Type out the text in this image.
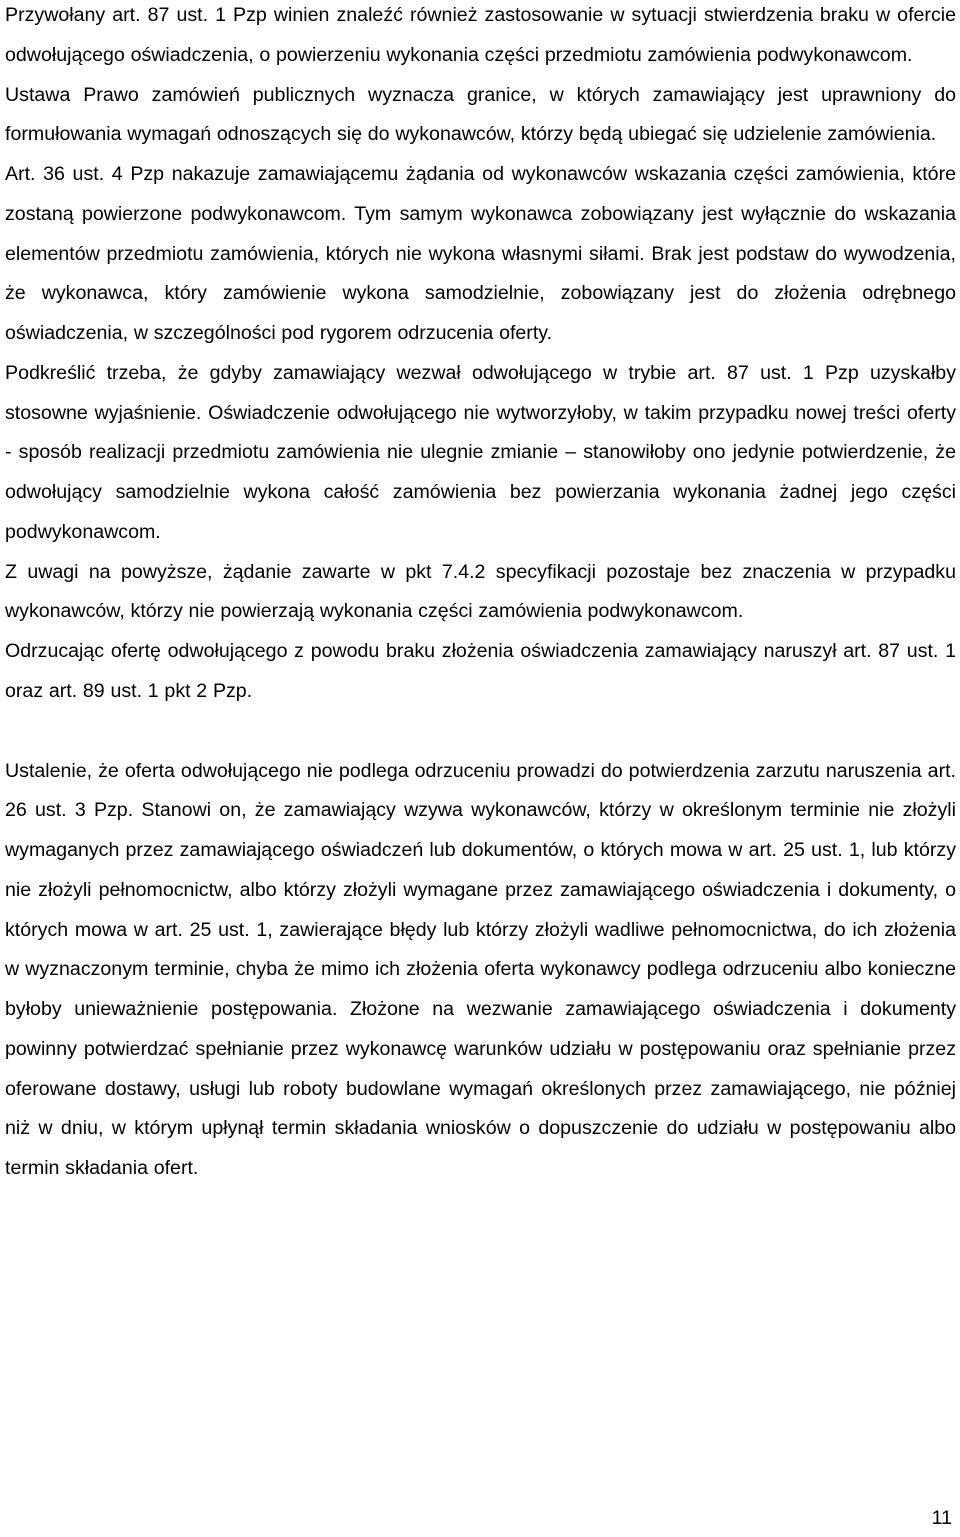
Przywołany art. 87 ust. 1 Pzp winien znaleźć również zastosowanie w sytuacji stwierdzenia braku w ofercie odwołującego oświadczenia, o powierzeniu wykonania części przedmiotu zamówienia podwykonawcom.

Ustawa Prawo zamówień publicznych wyznacza granice, w których zamawiający jest uprawniony do formułowania wymagań odnoszących się do wykonawców, którzy będą ubiegać się udzielenie zamówienia.

Art. 36 ust. 4 Pzp nakazuje zamawiającemu żądania od wykonawców wskazania części zamówienia, które zostaną powierzone podwykonawcom. Tym samym wykonawca zobowiązany jest wyłącznie do wskazania elementów przedmiotu zamówienia, których nie wykona własnymi siłami. Brak jest podstaw do wywodzenia, że wykonawca, który zamówienie wykona samodzielnie, zobowiązany jest do złożenia odrębnego oświadczenia, w szczególności pod rygorem odrzucenia oferty.

Podkreślić trzeba, że gdyby zamawiający wezwał odwołującego w trybie art. 87 ust. 1 Pzp uzyskałby stosowne wyjaśnienie. Oświadczenie odwołującego nie wytworzyłoby, w takim przypadku nowej treści oferty - sposób realizacji przedmiotu zamówienia nie ulegnie zmianie – stanowiłoby ono jedynie potwierdzenie, że odwołujący samodzielnie wykona całość zamówienia bez powierzania wykonania żadnej jego części podwykonawcom.

Z uwagi na powyższe, żądanie zawarte w pkt 7.4.2 specyfikacji pozostaje bez znaczenia w przypadku wykonawców, którzy nie powierzają wykonania części zamówienia podwykonawcom.

Odrzucając ofertę odwołującego z powodu braku złożenia oświadczenia zamawiający naruszył art. 87 ust. 1 oraz art. 89 ust. 1 pkt 2 Pzp.

Ustalenie, że oferta odwołującego nie podlega odrzuceniu prowadzi do potwierdzenia zarzutu naruszenia art. 26 ust. 3 Pzp. Stanowi on, że zamawiający wzywa wykonawców, którzy w określonym terminie nie złożyli wymaganych przez zamawiającego oświadczeń lub dokumentów, o których mowa w art. 25 ust. 1, lub którzy nie złożyli pełnomocnictw, albo którzy złożyli wymagane przez zamawiającego oświadczenia i dokumenty, o których mowa w art. 25 ust. 1, zawierające błędy lub którzy złożyli wadliwe pełnomocnictwa, do ich złożenia w wyznaczonym terminie, chyba że mimo ich złożenia oferta wykonawcy podlega odrzuceniu albo konieczne byłoby unieważnienie postępowania. Złożone na wezwanie zamawiającego oświadczenia i dokumenty powinny potwierdzać spełnianie przez wykonawcę warunków udziału w postępowaniu oraz spełnianie przez oferowane dostawy, usługi lub roboty budowlane wymagań określonych przez zamawiającego, nie później niż w dniu, w którym upłynął termin składania wniosków o dopuszczenie do udziału w postępowaniu albo termin składania ofert.

11
